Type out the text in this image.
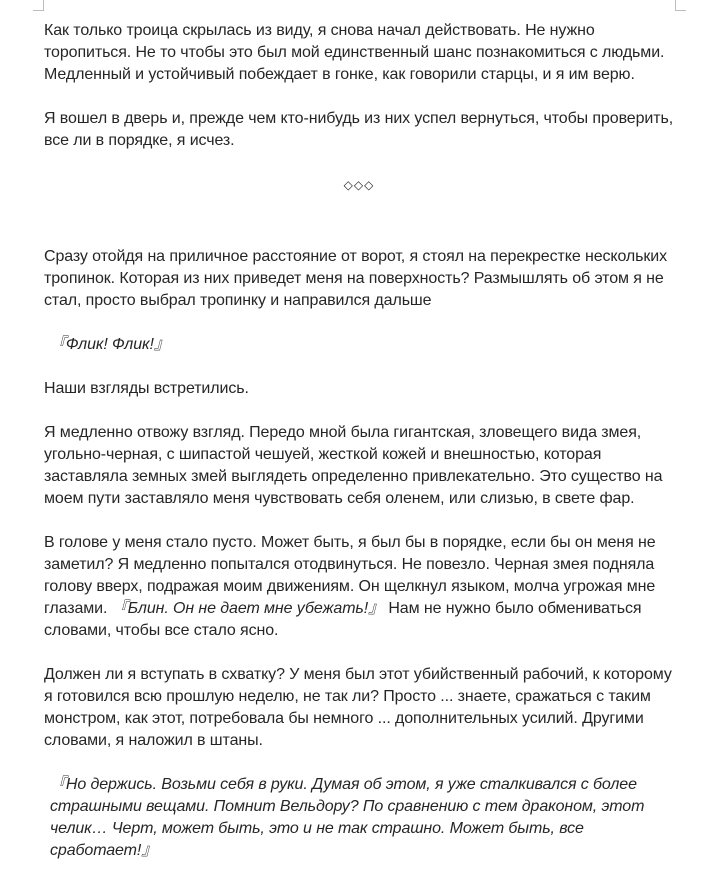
Как только троица скрылась из виду, я снова начал действовать. Не нужно торопиться. Не то чтобы это был мой единственный шанс познакомиться с людьми. Медленный и устойчивый побеждает в гонке, как говорили старцы, и я им верю.

Я вошел в дверь и, прежде чем кто-нибудь из них успел вернуться, чтобы проверить, все ли в порядке, я исчез.

◇◇◇

Сразу отойдя на приличное расстояние от ворот, я стоял на перекрестке нескольких тропинок. Которая из них приведет меня на поверхность? Размышлять об этом я не стал, просто выбрал тропинку и направился дальше

『Флик! Флик!』

Наши взгляды встретились.

Я медленно отвожу взгляд. Передо мной была гигантская, зловещего вида змея, угольно-черная, с шипастой чешуей, жесткой кожей и внешностью, которая заставляла земных змей выглядеть определенно привлекательно. Это существо на моем пути заставляло меня чувствовать себя оленем, или слизью, в свете фар.

В голове у меня стало пусто. Может быть, я был бы в порядке, если бы он меня не заметил? Я медленно попытался отодвинуться. Не повезло. Черная змея подняла голову вверх, подражая моим движениям. Он щелкнул языком, молча угрожая мне глазами. 『Блин. Он не дает мне убежать!』 Нам не нужно было обмениваться словами, чтобы все стало ясно.

Должен ли я вступать в схватку? У меня был этот убийственный рабочий, к которому я готовился всю прошлую неделю, не так ли? Просто ... знаете, сражаться с таким монстром, как этот, потребовала бы немного ... дополнительных усилий. Другими словами, я наложил в штаны.

『Но держись. Возьми себя в руки. Думая об этом, я уже сталкивался с более страшными вещами. Помнит Вельдору? По сравнению с тем драконом, этот челик… Черт, может быть, это и не так страшно. Может быть, все сработает!』
